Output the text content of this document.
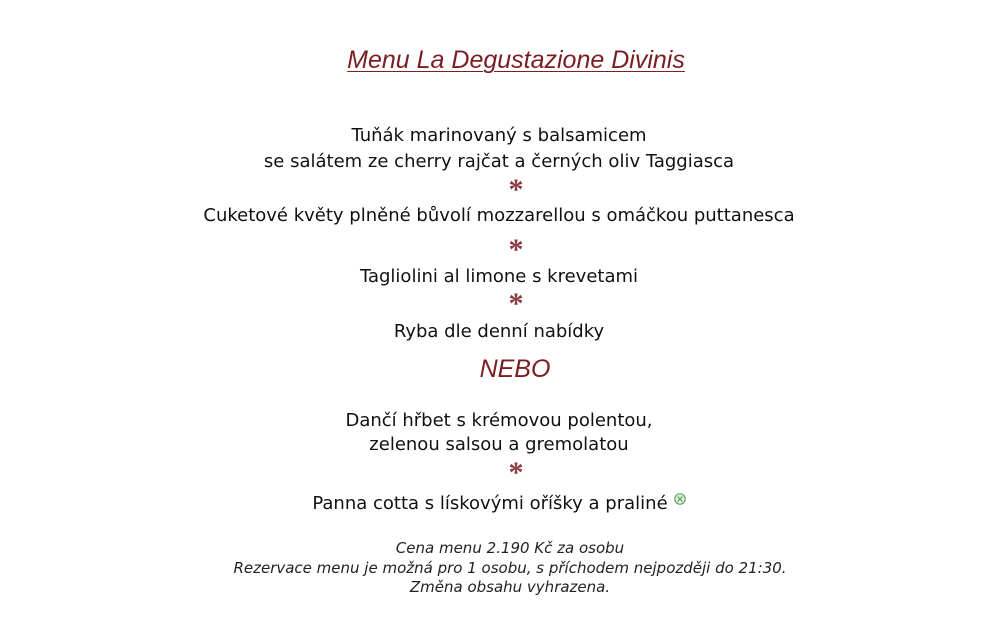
Menu La Degustazione Divinis
Tuňák marinovaný s balsamicem
se salátem ze cherry rajčat a černých oliv Taggiasca
*
Cuketové květy plněné bůvolí mozzarellou s omáčkou puttanesca
*
Tagliolini al limone s krevetami
*
Ryba dle denní nabídky
NEBO
Dančí hřbet s krémovou polentou,
zelenou salsou a gremolatou
*
Panna cotta s lískovými oříšky a praliné
Cena menu 2.190 Kč za osobu
Rezervace menu je možná pro 1 osobu, s příchodem nejpozději do 21:30.
Změna obsahu vyhrazena.
